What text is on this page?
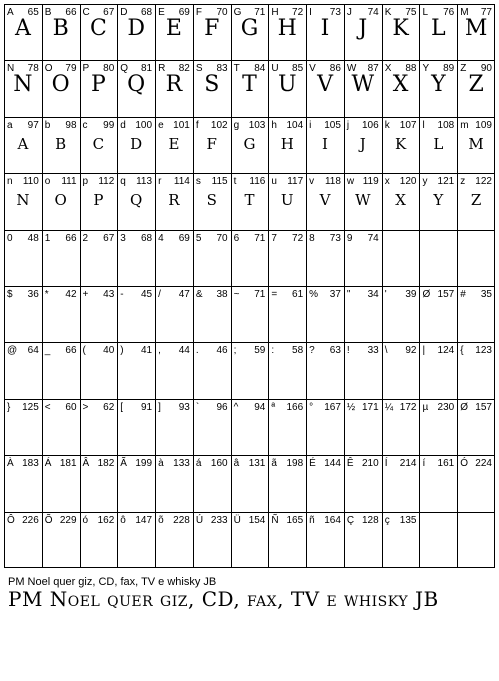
A 65
A
B 66
B
C 67
C
D 68
D
E 69
E
F 70
F
G 71
G
H 72
H
I 73
I
J 74
J
K 75
K
L 76
L
M 77
M
N 78
N
O 79
O
P 80
P
Q 81
Q
R 82
R
S 83
S
T 84
T
U 85
U
V 86
V
W 87
W
X 88
X
Y 89
Y
Z 90
Z
a 97
A
b 98
B
c 99
C
d 100
D
e 101
E
f 102
F
g 103
G
h 104
H
i 105
I
j 106
J
k 107
K
l 108
L
m 109
M
n 110
N
o 111
O
p 112
P
q 113
Q
r 114
R
s 115
S
t 116
T
u 117
U
v 118
V
w 119
W
x 120
X
y 121
Y
z 122
Z
0 48 1 66 2 67 3 68 4 69 5 70 6 71 7 72 8 73 9 74
$ 36 * 42 + 43 - 45 / 47 & 38 ~ 71 = 61 % 37 " 34 ' 39 Ø 157 # 35
@ 64 _ 66 ( 40 ) 41 , 44 . 46 ; 59 : 58 ? 63 ! 33 \ 92 | 124 { 123
} 125 < 60 > 62 [ 91 ] 93 ` 96 ^ 94 ª 166 ° 167 ½ 171 ¼ 172 µ 230 Ø 157
À 183 Á 181 Â 182 Ã 199 à 133 á 160 â 131 ã 198 É 144 Ê 210 Í 214 í 161 Ó 224
Ô 226 Õ 229 ó 162 ô 147 õ 228 Ú 233 Ü 154 Ñ 165 ñ 164 Ç 128 ç 135
PM Noel quer giz, CD, fax, TV e whisky JB
PM Noel quer giz, CD, fax, TV e whisky JB
